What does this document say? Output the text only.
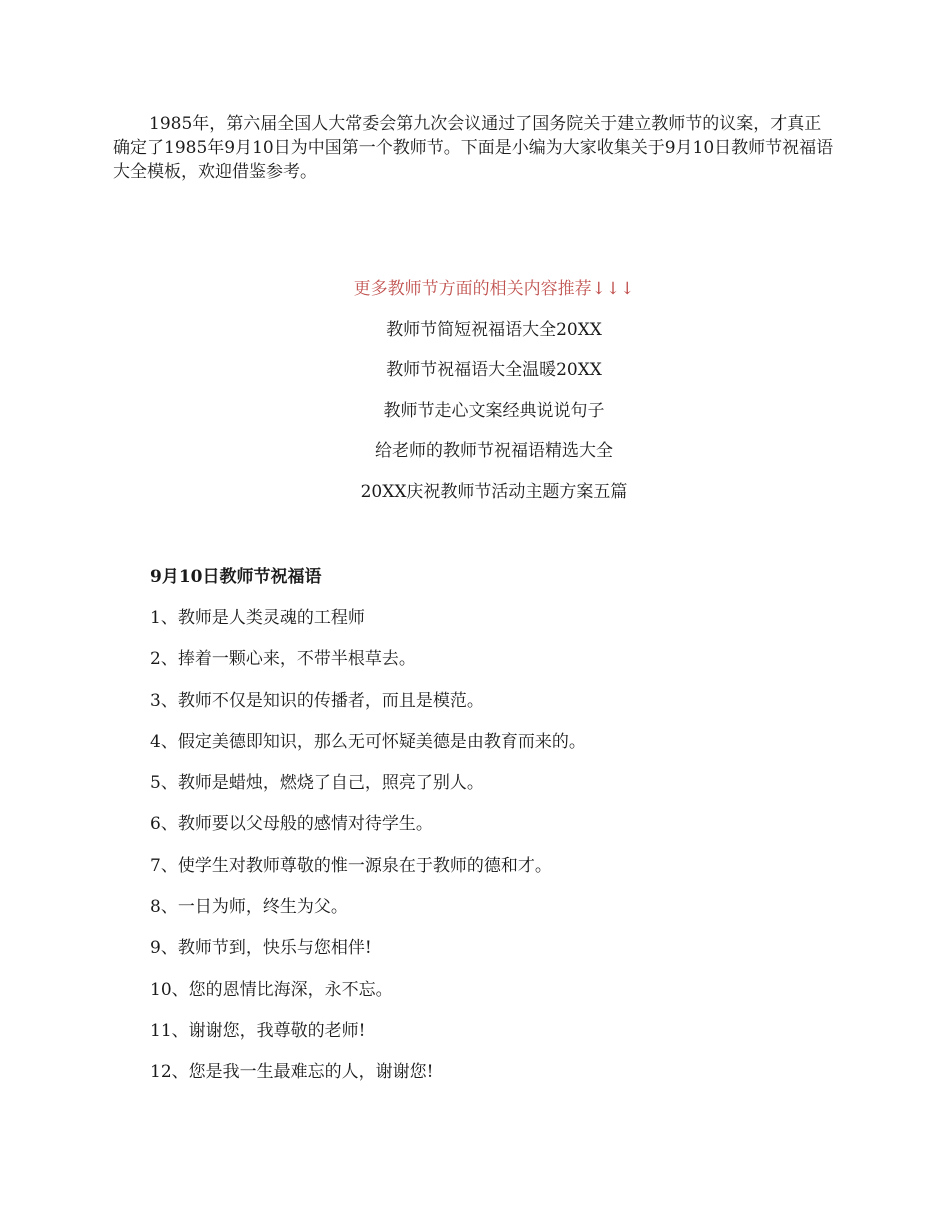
1985年，第六届全国人大常委会第九次会议通过了国务院关于建立教师节的议案，才真正确定了1985年9月10日为中国第一个教师节。下面是小编为大家收集关于9月10日教师节祝福语大全模板，欢迎借鉴参考。

更多教师节方面的相关内容推荐↓↓↓

教师节简短祝福语大全20XX

教师节祝福语大全温暖20XX

教师节走心文案经典说说句子

给老师的教师节祝福语精选大全

20XX庆祝教师节活动主题方案五篇

9月10日教师节祝福语

1、教师是人类灵魂的工程师

2、捧着一颗心来，不带半根草去。

3、教师不仅是知识的传播者，而且是模范。

4、假定美德即知识，那么无可怀疑美德是由教育而来的。

5、教师是蜡烛，燃烧了自己，照亮了别人。

6、教师要以父母般的感情对待学生。

7、使学生对教师尊敬的惟一源泉在于教师的德和才。

8、一日为师，终生为父。

9、教师节到，快乐与您相伴!

10、您的恩情比海深，永不忘。

11、谢谢您，我尊敬的老师!

12、您是我一生最难忘的人，谢谢您!
